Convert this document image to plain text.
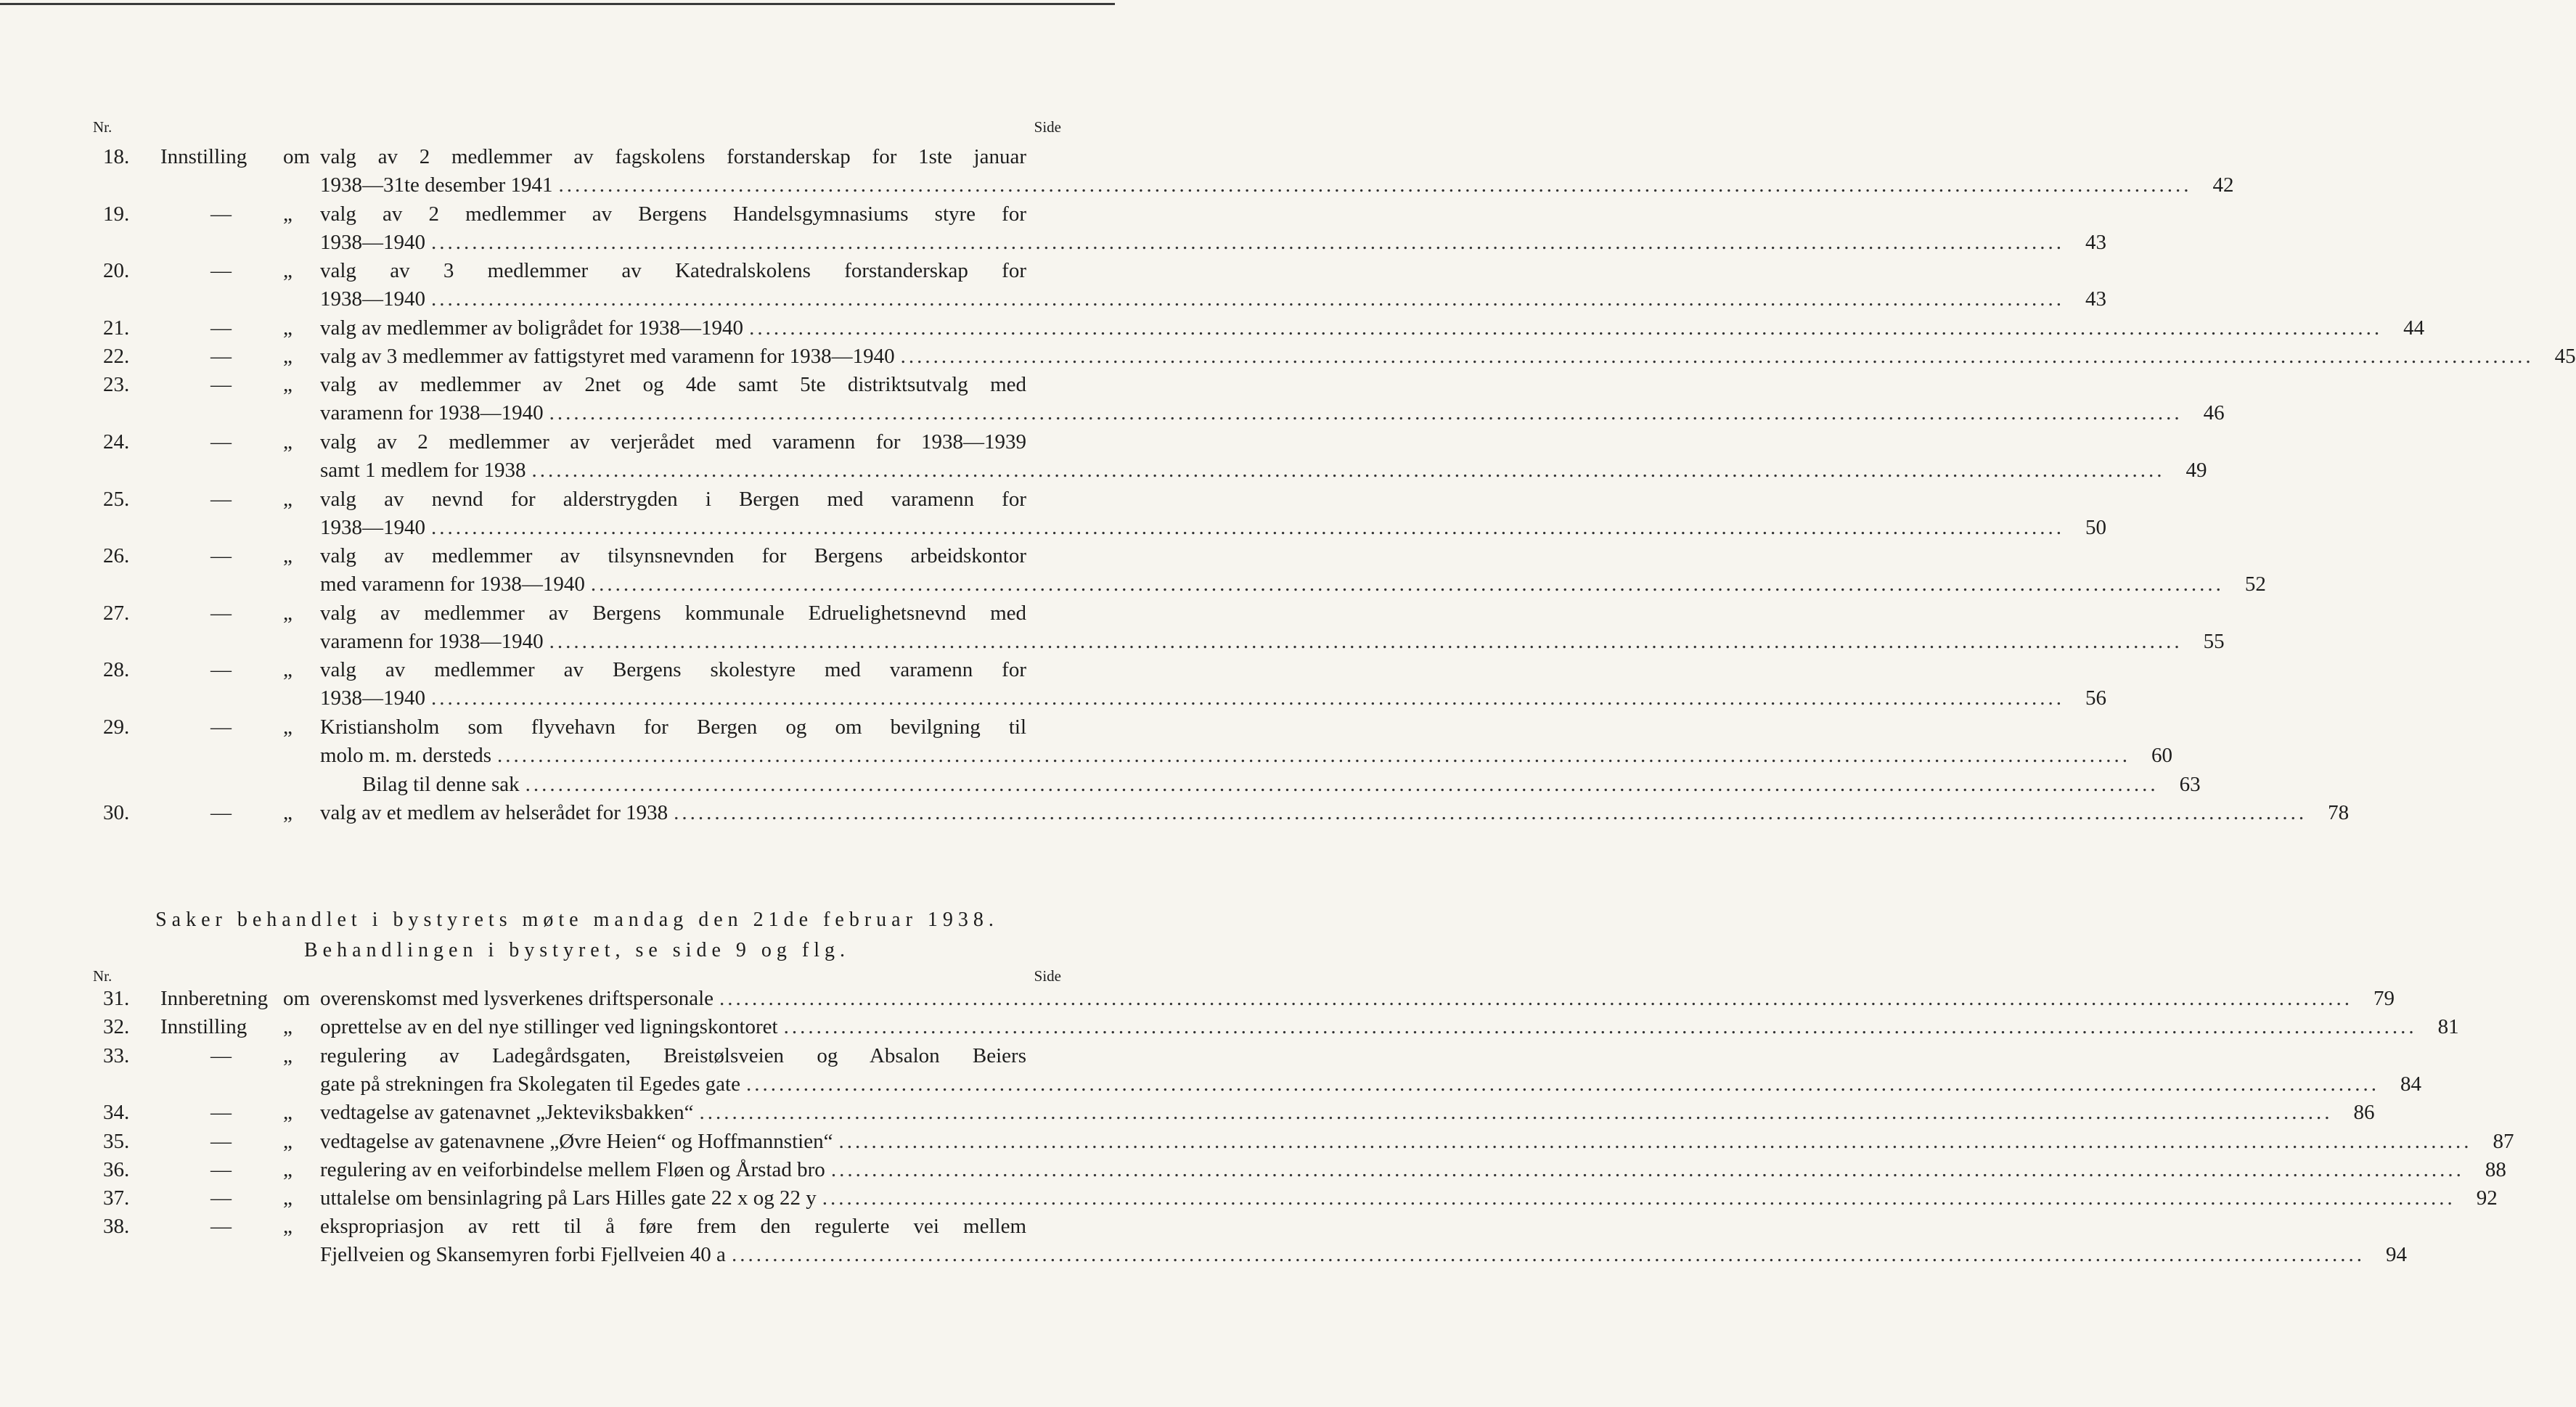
Nr.	Side
18. Innstilling om valg av 2 medlemmer av fagskolens forstanderskap for 1ste januar
1938—31te desember 1941 ........................................................................................................................................................................................................	42
19.	— „ valg av 2 medlemmer av Bergens Handelsgymnasiums styre for
1938—1940 ........................................................................................................................................................................................................	43
20.	— „ valg av 3 medlemmer av Katedralskolens forstanderskap for
1938—1940 ........................................................................................................................................................................................................	43
21.	— „ valg av medlemmer av boligrådet for 1938—1940 ........................................................................................................................................................................................................	44
22.	— „ valg av 3 medlemmer av fattigstyret med varamenn for 1938—1940 ........................................................................................................................................................................................................	45
23.	— „ valg av medlemmer av 2net og 4de samt 5te distriktsutvalg med
varamenn for 1938—1940 ........................................................................................................................................................................................................	46
24.	— „ valg av 2 medlemmer av verjerådet med varamenn for 1938—1939
samt 1 medlem for 1938 ........................................................................................................................................................................................................	49
25.	— „ valg av nevnd for alderstrygden i Bergen med varamenn for
1938—1940 ........................................................................................................................................................................................................	50
26.	— „ valg av medlemmer av tilsynsnevnden for Bergens arbeidskontor
med varamenn for 1938—1940 ........................................................................................................................................................................................................	52
27.	— „ valg av medlemmer av Bergens kommunale Edruelighetsnevnd med
varamenn for 1938—1940 ........................................................................................................................................................................................................	55
28.	— „ valg av medlemmer av Bergens skolestyre med varamenn for
1938—1940 ........................................................................................................................................................................................................	56
29.	— „ Kristiansholm som flyvehavn for Bergen og om bevilgning til
molo m. m. dersteds ........................................................................................................................................................................................................	60
Bilag til denne sak ........................................................................................................................................................................................................	63
30.	— „ valg av et medlem av helserådet for 1938 ........................................................................................................................................................................................................	78
Saker behandlet i bystyrets møte mandag den 21de februar 1938.
Behandlingen i bystyret, se side 9 og flg.
Nr.	Side
31. Innberetning om overenskomst med lysverkenes driftspersonale ........................................................................................................................................................................................................	79
32. Innstilling „ oprettelse av en del nye stillinger ved ligningskontoret ........................................................................................................................................................................................................	81
33.	— „ regulering av Ladegårdsgaten, Breistølsveien og Absalon Beiers
gate på strekningen fra Skolegaten til Egedes gate ........................................................................................................................................................................................................	84
34.	— „ vedtagelse av gatenavnet „Jekteviksbakken“ ........................................................................................................................................................................................................	86
35.	— „ vedtagelse av gatenavnene „Øvre Heien“ og Hoffmannstien“ ........................................................................................................................................................................................................	87
36.	— „ regulering av en veiforbindelse mellem Fløen og Årstad bro ........................................................................................................................................................................................................	88
37.	— „ uttalelse om bensinlagring på Lars Hilles gate 22 x og 22 y ........................................................................................................................................................................................................	92
38.	— „ ekspropriasjon av rett til å føre frem den regulerte vei mellem
Fjellveien og Skansemyren forbi Fjellveien 40 a ........................................................................................................................................................................................................	94
